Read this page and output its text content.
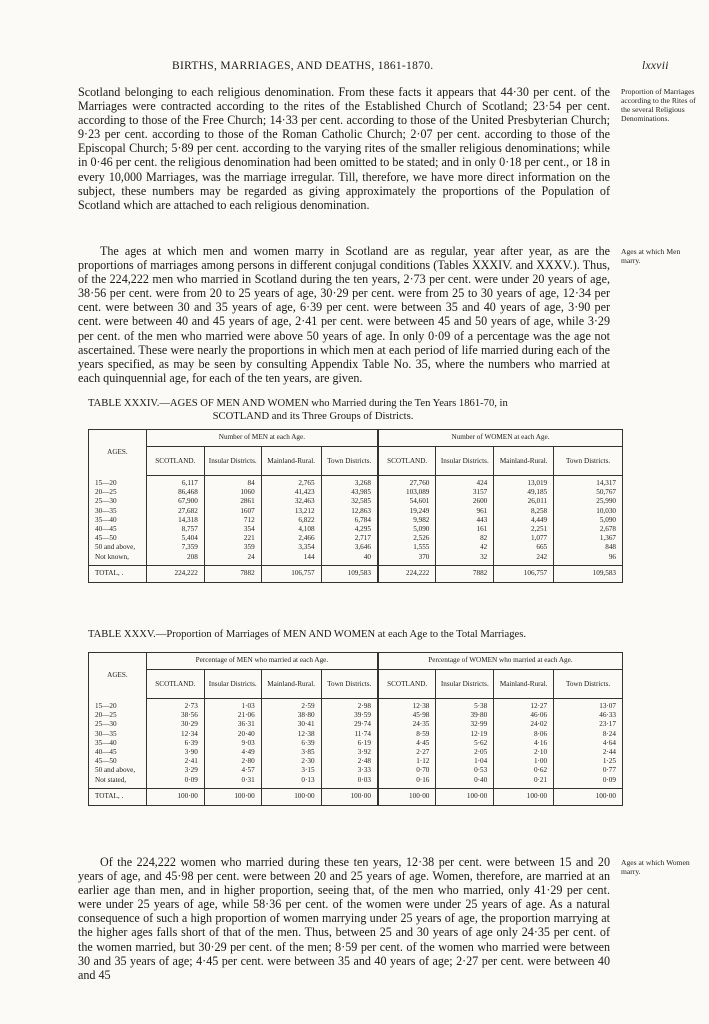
BIRTHS, MARRIAGES, AND DEATHS, 1861-1870.	lxxvii

Scotland belonging to each religious denomination. From these facts it appears that 44·30 per cent. of the Marriages were contracted according to the rites of the Established Church of Scotland; 23·54 per cent. according to those of the Free Church; 14·33 per cent. according to those of the United Presbyterian Church; 9·23 per cent. according to those of the Roman Catholic Church; 2·07 per cent. according to those of the Episcopal Church; 5·89 per cent. according to the varying rites of the smaller religious denominations; while in 0·46 per cent. the religious denomination had been omitted to be stated; and in only 0·18 per cent., or 18 in every 10,000 Marriages, was the marriage irregular. Till, therefore, we have more direct information on the subject, these numbers may be regarded as giving approximately the proportions of the Population of Scotland which are attached to each religious denomination.

Proportion of Marriages according to the Rites of the several Religious Denominations.

The ages at which men and women marry in Scotland are as regular, year after year, as are the proportions of marriages among persons in different conjugal conditions (Tables XXXIV. and XXXV.). Thus, of the 224,222 men who married in Scotland during the ten years, 2·73 per cent. were under 20 years of age, 38·56 per cent. were from 20 to 25 years of age, 30·29 per cent. were from 25 to 30 years of age, 12·34 per cent. were between 30 and 35 years of age, 6·39 per cent. were between 35 and 40 years of age, 3·90 per cent. were between 40 and 45 years of age, 2·41 per cent. were between 45 and 50 years of age, while 3·29 per cent. of the men who married were above 50 years of age. In only 0·09 of a percentage was the age not ascertained. These were nearly the proportions in which men at each period of life married during each of the years specified, as may be seen by consulting Appendix Table No. 35, where the numbers who married at each quinquennial age, for each of the ten years, are given.

Ages at which Men marry.
TABLE XXXIV.—AGES OF MEN AND WOMEN who Married during the Ten Years 1861-70, in
SCOTLAND and its Three Groups of Districts.
AGES.	Number of MEN at each Age.				Number of WOMEN at each Age.			
	SCOTLAND.	Insular Districts.	Mainland-Rural.	Town Districts.	SCOTLAND.	Insular Districts.	Mainland-Rural.	Town Districts.
15—20	6,117	84	2,765	3,268	27,760	424	13,019	14,317
20—25	86,468	1060	41,423	43,985	103,089	3157	49,185	50,767
25—30	67,900	2861	32,463	32,585	54,601	2600	26,011	25,990
30—35	27,682	1607	13,212	12,863	19,249	961	8,258	10,030
35—40	14,318	712	6,822	6,784	9,982	443	4,449	5,090
40—45	8,757	354	4,108	4,295	5,090	161	2,251	2,678
45—50	5,404	221	2,466	2,717	2,526	82	1,077	1,367
50 and above,	7,359	359	3,354	3,646	1,555	42	665	848
Not known,	208	24	144	40	370	32	242	96
TOTAL, .	224,222	7882	106,757	109,583	224,222	7882	106,757	109,583
TABLE XXXV.—Proportion of Marriages of MEN AND WOMEN at each Age to the Total Marriages.
AGES.	Percentage of MEN who married at each Age.				Percentage of WOMEN who married at each Age.			
	SCOTLAND.	Insular Districts.	Mainland-Rural.	Town Districts.	SCOTLAND.	Insular Districts.	Mainland-Rural.	Town Districts.
15—20	2·73	1·03	2·59	2·98	12·38	5·38	12·27	13·07
20—25	38·56	21·06	38·80	39·59	45·98	39·80	46·06	46·33
25—30	30·29	36·31	30·41	29·74	24·35	32·99	24·02	23·17
30—35	12·34	20·40	12·38	11·74	8·59	12·19	8·06	8·24
35—40	6·39	9·03	6·39	6·19	4·45	5·62	4·16	4·64
40—45	3·90	4·49	3·85	3·92	2·27	2·05	2·10	2·44
45—50	2·41	2·80	2·30	2·48	1·12	1·04	1·00	1·25
50 and above,	3·29	4·57	3·15	3·33	0·70	0·53	0·62	0·77
Not stated,	0·09	0·31	0·13	0·03	0·16	0·40	0·21	0·09
TOTAL, .	100·00	100·00	100·00	100·00	100·00	100·00	100·00	100·00

Of the 224,222 women who married during these ten years, 12·38 per cent. were between 15 and 20 years of age, and 45·98 per cent. were between 20 and 25 years of age. Women, therefore, are married at an earlier age than men, and in higher proportion, seeing that, of the men who married, only 41·29 per cent. were under 25 years of age, while 58·36 per cent. of the women were under 25 years of age. As a natural consequence of such a high proportion of women marrying under 25 years of age, the proportion marrying at the higher ages falls short of that of the men. Thus, between 25 and 30 years of age only 24·35 per cent. of the women married, but 30·29 per cent. of the men; 8·59 per cent. of the women who married were between 30 and 35 years of age; 4·45 per cent. were between 35 and 40 years of age; 2·27 per cent. were between 40 and 45

Ages at which Women marry.
